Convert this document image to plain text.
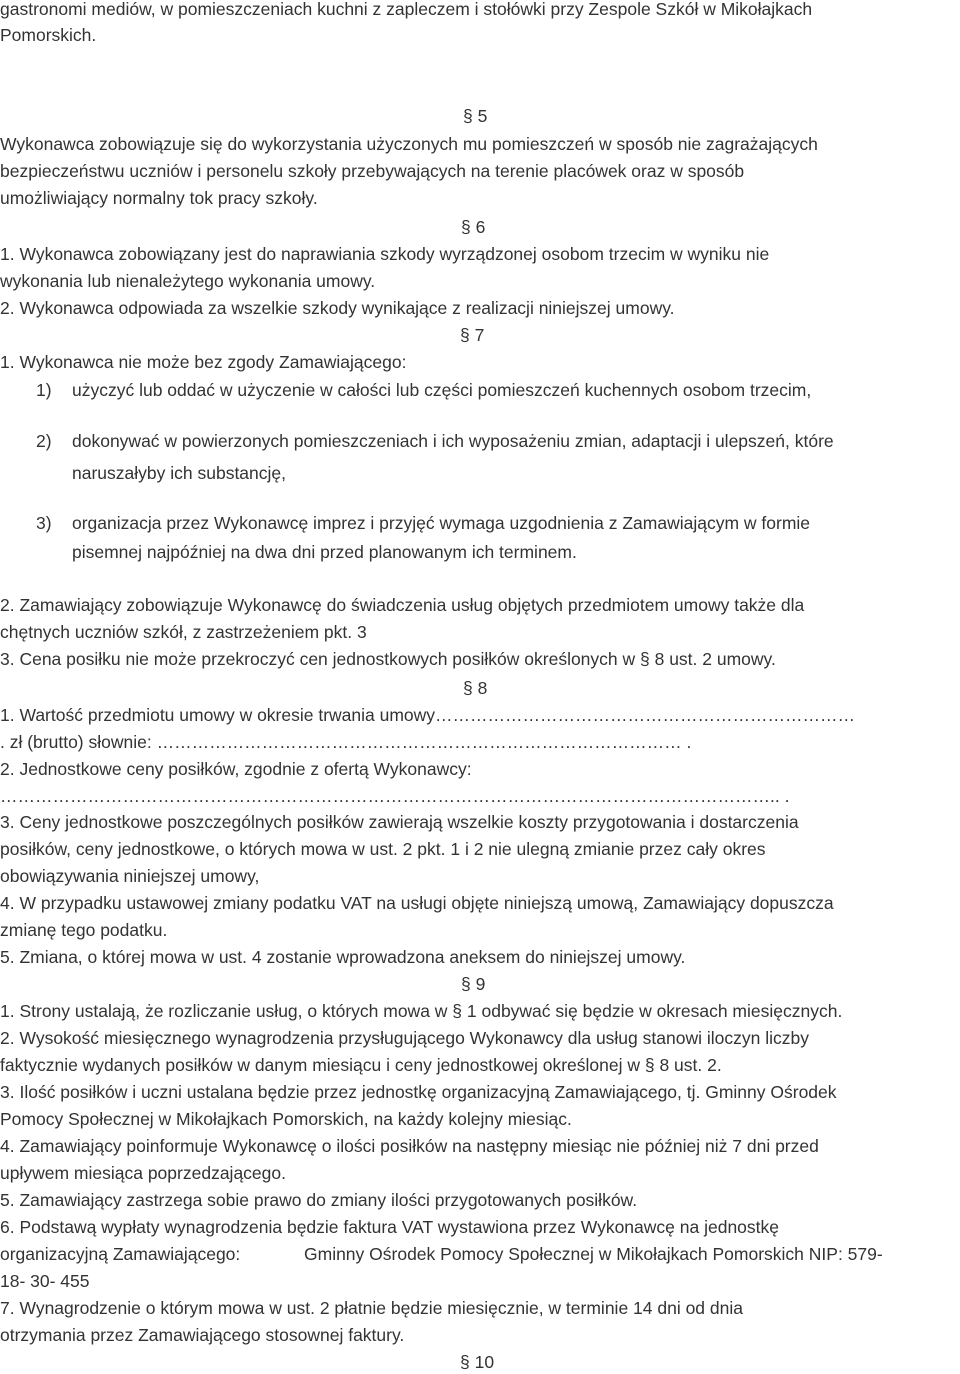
gastronomi mediów, w pomieszczeniach kuchni z zapleczem i stołówki przy Zespole Szkół w Mikołajkach
Pomorskich.
§ 5
Wykonawca zobowiązuje się do wykorzystania użyczonych mu pomieszczeń w sposób nie zagrażających
bezpieczeństwu uczniów i personelu szkoły przebywających na terenie placówek oraz w sposób
umożliwiający normalny tok pracy szkoły.
§ 6
1. Wykonawca zobowiązany jest do naprawiania szkody wyrządzonej osobom trzecim w wyniku nie
wykonania lub nienależytego wykonania umowy.
2. Wykonawca odpowiada za wszelkie szkody wynikające z realizacji niniejszej umowy.
§ 7
1. Wykonawca nie może bez zgody Zamawiającego:
1) użyczyć lub oddać w użyczenie w całości lub części pomieszczeń kuchennych osobom trzecim,
2) dokonywać w powierzonych pomieszczeniach i ich wyposażeniu zmian, adaptacji i ulepszeń, które
naruszałyby ich substancję,
3) organizacja przez Wykonawcę imprez i przyjęć wymaga uzgodnienia z Zamawiającym w formie
pisemnej najpóźniej na dwa dni przed planowanym ich terminem.
2. Zamawiający zobowiązuje Wykonawcę do świadczenia usług objętych przedmiotem umowy także dla
chętnych uczniów szkół, z zastrzeżeniem pkt. 3
3. Cena posiłku nie może przekroczyć cen jednostkowych posiłków określonych w § 8 ust. 2 umowy.
§ 8
1. Wartość przedmiotu umowy w okresie trwania umowy………………………………………………………………
. zł (brutto) słownie: ……………………………………………………………………………… .
2. Jednostkowe ceny posiłków, zgodnie z ofertą Wykonawcy:
…………………………………………………………………………………………………………………….. .
3. Ceny jednostkowe poszczególnych posiłków zawierają wszelkie koszty przygotowania i dostarczenia
posiłków, ceny jednostkowe, o których mowa w ust. 2 pkt. 1 i 2 nie ulegną zmianie przez cały okres
obowiązywania niniejszej umowy,
4. W przypadku ustawowej zmiany podatku VAT na usługi objęte niniejszą umową, Zamawiający dopuszcza
zmianę tego podatku.
5. Zmiana, o której mowa w ust. 4 zostanie wprowadzona aneksem do niniejszej umowy.
§ 9
1. Strony ustalają, że rozliczanie usług, o których mowa w § 1 odbywać się będzie w okresach miesięcznych.
2. Wysokość miesięcznego wynagrodzenia przysługującego Wykonawcy dla usług stanowi iloczyn liczby
faktycznie wydanych posiłków w danym miesiącu i ceny jednostkowej określonej w § 8 ust. 2.
3. Ilość posiłków i uczni ustalana będzie przez jednostkę organizacyjną Zamawiającego, tj. Gminny Ośrodek
Pomocy Społecznej w Mikołajkach Pomorskich, na każdy kolejny miesiąc.
4. Zamawiający poinformuje Wykonawcę o ilości posiłków na następny miesiąc nie później niż 7 dni przed
upływem miesiąca poprzedzającego.
5. Zamawiający zastrzega sobie prawo do zmiany ilości przygotowanych posiłków.
6. Podstawą wypłaty wynagrodzenia będzie faktura VAT wystawiona przez Wykonawcę na jednostkę
organizacyjną Zamawiającego:	Gminny Ośrodek Pomocy Społecznej w Mikołajkach Pomorskich NIP: 579-
18- 30- 455
7. Wynagrodzenie o którym mowa w ust. 2 płatnie będzie miesięcznie, w terminie 14 dni od dnia
otrzymania przez Zamawiającego stosownej faktury.
§ 10
